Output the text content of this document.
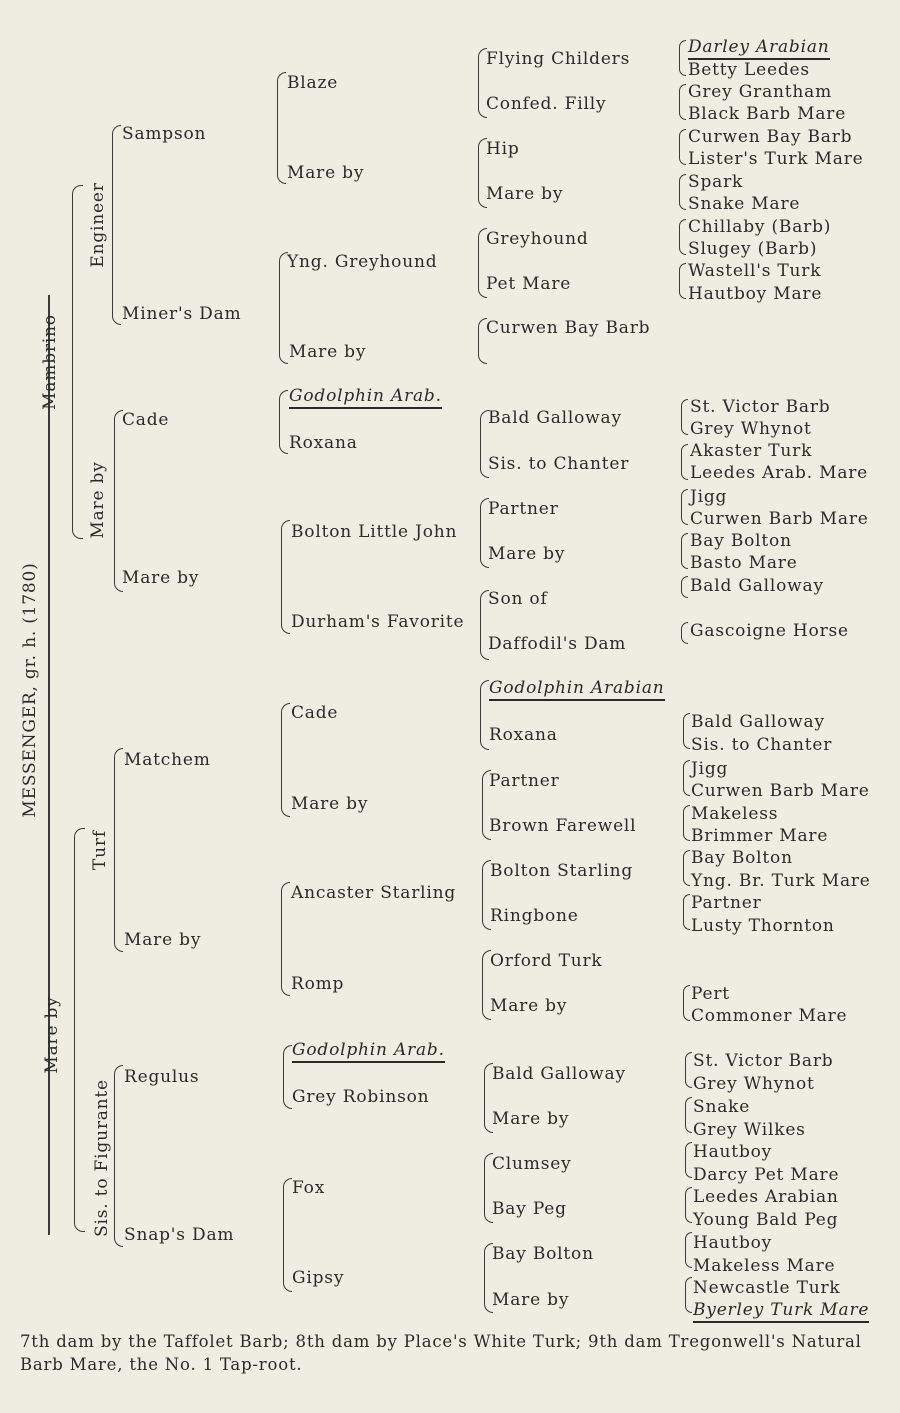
MESSENGER, gr. h. (1780)
Mambrino
Mare by
Engineer
Mare by
Turf
Sis. to Figurante
Sampson
Miner's Dam
Cade
Mare by
Matchem
Mare by
Regulus
Snap's Dam
Blaze
Mare by
Yng. Greyhound
Mare by
Godolphin Arab.
Roxana
Bolton Little John
Durham's Favorite
Cade
Mare by
Ancaster Starling
Romp
Godolphin Arab.
Grey Robinson
Fox
Gipsy
Flying Childers
Confed. Filly
Hip
Mare by
Greyhound
Pet Mare
Curwen Bay Barb
Bald Galloway
Sis. to Chanter
Partner
Mare by
Son of
Daffodil's Dam
Godolphin Arabian
Roxana
Partner
Brown Farewell
Bolton Starling
Ringbone
Orford Turk
Mare by
Bald Galloway
Mare by
Clumsey
Bay Peg
Bay Bolton
Mare by
Darley Arabian
Betty Leedes
Grey Grantham
Black Barb Mare
Curwen Bay Barb
Lister's Turk Mare
Spark
Snake Mare
Chillaby (Barb)
Slugey (Barb)
Wastell's Turk
Hautboy Mare
St. Victor Barb
Grey Whynot
Akaster Turk
Leedes Arab. Mare
Jigg
Curwen Barb Mare
Bay Bolton
Basto Mare
Bald Galloway
Gascoigne Horse
Bald Galloway
Sis. to Chanter
Jigg
Curwen Barb Mare
Makeless
Brimmer Mare
Bay Bolton
Yng. Br. Turk Mare
Partner
Lusty Thornton
Pert
Commoner Mare
St. Victor Barb
Grey Whynot
Snake
Grey Wilkes
Hautboy
Darcy Pet Mare
Leedes Arabian
Young Bald Peg
Hautboy
Makeless Mare
Newcastle Turk
Byerley Turk Mare
7th dam by the Taffolet Barb; 8th dam by Place's White Turk; 9th dam Tregonwell's Natural Barb Mare, the No. 1 Tap-root.
